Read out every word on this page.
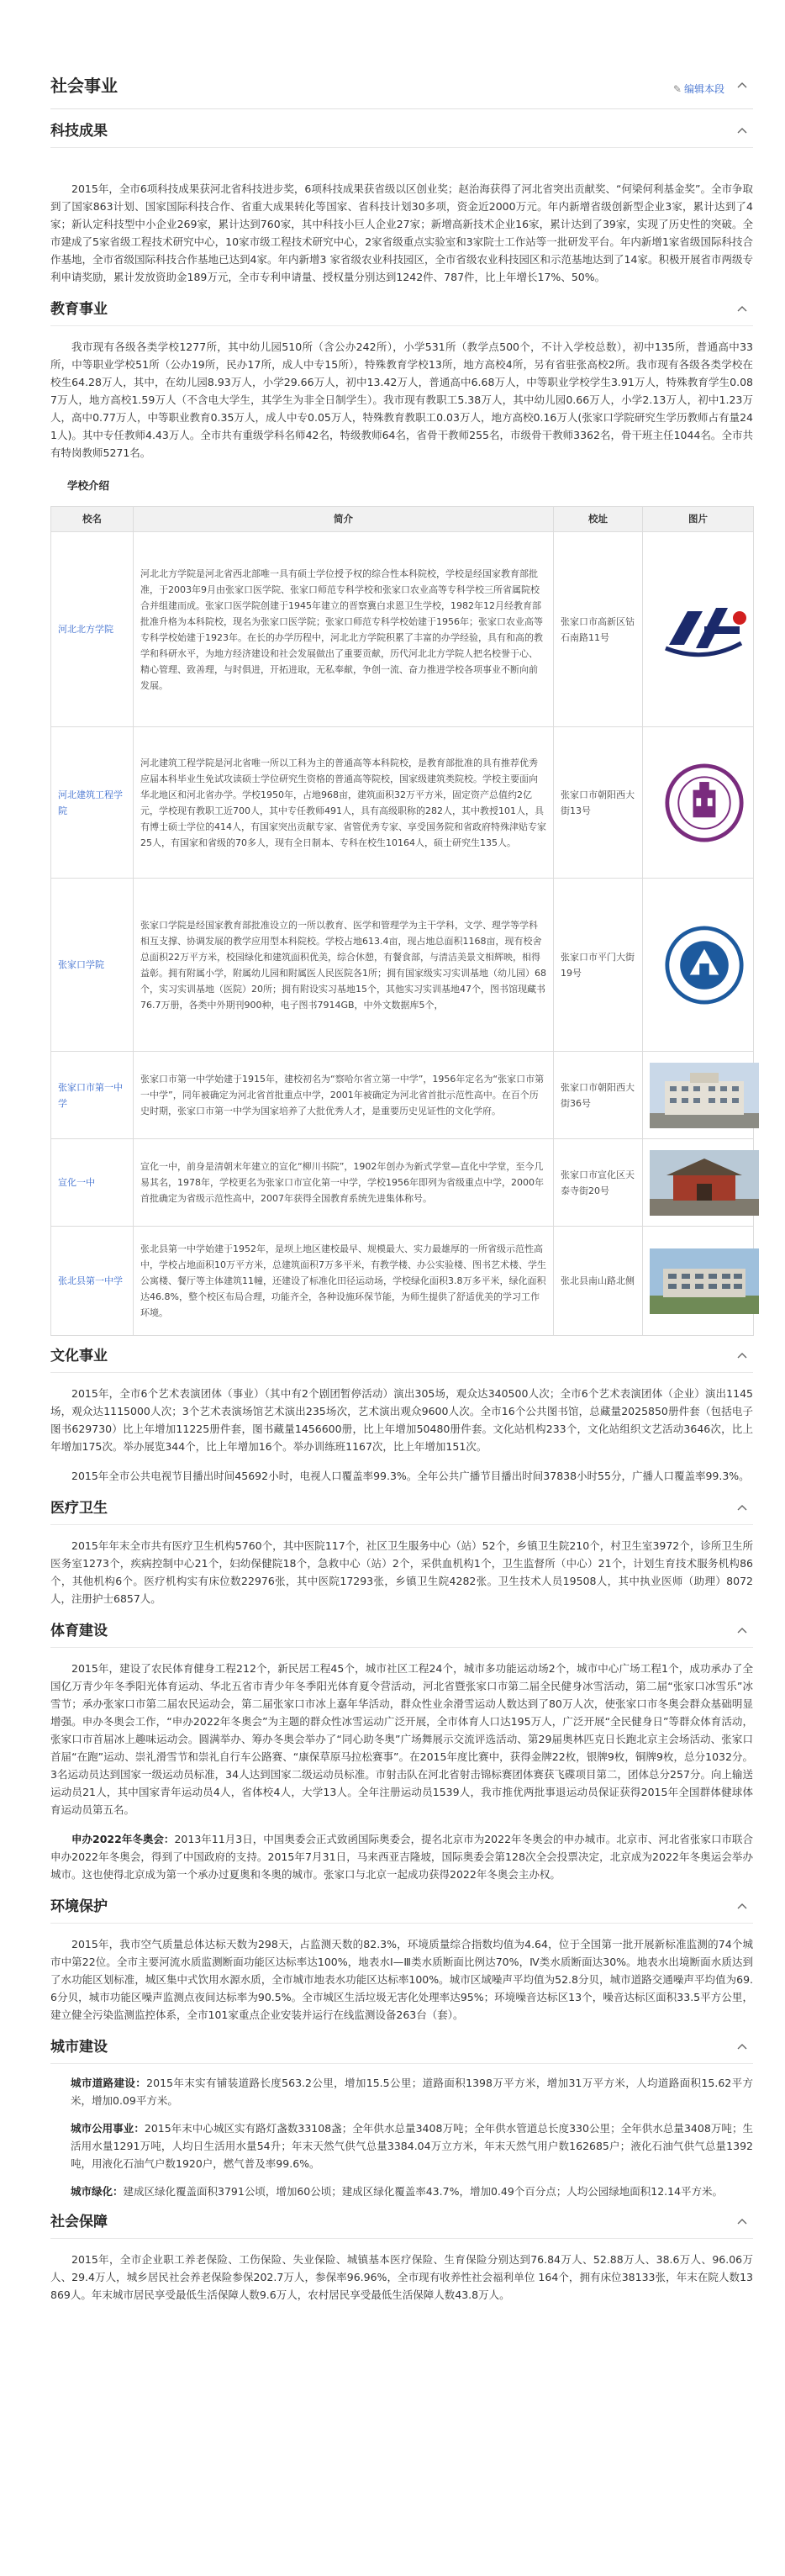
社会事业	✎ 编辑本段
科技成果

2015年，全市6项科技成果获河北省科技进步奖，6项科技成果获省级以区创业奖；赵治海获得了河北省突出贡献奖、“何梁何利基金奖”。全市争取到了国家863计划、国家国际科技合作、省重大成果转化等国家、省科技计划30多项，资金近2000万元。年内新增省级创新型企业3家，累计达到了4家；新认定科技型中小企业269家，累计达到760家，其中科技小巨人企业27家；新增高新技术企业16家，累计达到了39家，实现了历史性的突破。全市建成了5家省级工程技术研究中心，10家市级工程技术研究中心，2家省级重点实验室和3家院士工作站等一批研发平台。年内新增1家省级国际科技合作基地，全市省级国际科技合作基地已达到4家。年内新增3 家省级农业科技园区，全市省级农业科技园区和示范基地达到了14家。积极开展省市两级专利申请奖励，累计发放资助金189万元，全市专利申请量、授权量分别达到1242件、787件，比上年增长17%、50%。

教育事业

我市现有各级各类学校1277所，其中幼儿园510所（含公办242所），小学531所（教学点500个，不计入学校总数），初中135所，普通高中33所，中等职业学校51所（公办19所，民办17所，成人中专15所），特殊教育学校13所，地方高校4所，另有省驻张高校2所。我市现有各级各类学校在校生64.28万人，其中，在幼儿园8.93万人，小学29.66万人，初中13.42万人，普通高中6.68万人，中等职业学校学生3.91万人，特殊教育学生0.087万人，地方高校1.59万人（不含电大学生，其学生为非全日制学生）。我市现有教职工5.38万人，其中幼儿园0.66万人，小学2.13万人，初中1.23万人，高中0.77万人，中等职业教育0.35万人，成人中专0.05万人，特殊教育教职工0.03万人，地方高校0.16万人(张家口学院研究生学历教师占有量241人)。其中专任教师4.43万人。全市共有重级学科名师42名，特级教师64名，省骨干教师255名，市级骨干教师3362名，骨干班主任1044名。全市共有特岗教师5271名。

学校介绍
校名	简介	校址	图片
河北北方学院	河北北方学院是河北省西北部唯一具有硕士学位授予权的综合性本科院校，学校是经国家教育部批准，于2003年9月由张家口医学院、张家口师范专科学校和张家口农业高等专科学校三所省属院校合并组建而成。张家口医学院创建于1945年建立的晋察冀白求恩卫生学校，1982年12月经教育部批准升格为本科院校，现名为张家口医学院；张家口师范专科学校始建于1956年；张家口农业高等专科学校始建于1923年。在长的办学历程中，河北北方学院积累了丰富的办学经验，具有和高的教学和科研水平，为地方经济建设和社会发展做出了重要贡献，历代河北北方学院人把名校誉于心、精心管理、致善理，与时俱进，开拓进取，无私奉献，争创一流、奋力推进学校各项事业不断向前发展。	张家口市高新区钻石南路11号	

河北建筑工程学院	河北建筑工程学院是河北省唯一所以工科为主的普通高等本科院校，是教育部批准的具有推荐优秀应届本科毕业生免试攻读硕士学位研究生资格的普通高等院校，国家级建筑类院校。学校主要面向华北地区和河北省办学。学校1950年，占地968亩，建筑面积32万平方米，固定资产总值约2亿元，学校现有教职工近700人，其中专任教师491人，具有高级职称的282人，其中教授101人，具有博士硕士学位的414人，有国家突出贡献专家、省管优秀专家、享受国务院和省政府特殊津贴专家25人，有国家和省级的70多人，现有全日制本、专科在校生10164人，硕士研究生135人。	张家口市朝阳西大街13号	

张家口学院	张家口学院是经国家教育部批准设立的一所以教育、医学和管理学为主干学科，文学、理学等学科相互支撑、协调发展的教学应用型本科院校。学校占地613.4亩，现占地总面积1168亩，现有校舍总面积22万平方米，校园绿化和建筑面积优美，综合休憩，有餐食部，与清洁美景文相辉映，相得益彰。拥有附属小学，附属幼儿园和附属医人民医院各1所；拥有国家级实习实训基地（幼儿园）68个，实习实训基地（医院）20所；拥有附设实习基地15个，其他实习实训基地47个，图书馆现藏书76.7万册，各类中外期刊900种，电子图书7914GB，中外文数据库5个，	张家口市平门大街19号	

张家口市第一中学	张家口市第一中学始建于1915年，建校初名为“察哈尔省立第一中学”，1956年定名为“张家口市第一中学”，同年被确定为河北省首批重点中学，2001年被确定为河北省首批示范性高中。在百个历史时期，张家口市第一中学为国家培养了大批优秀人才，是重要历史见证性的文化学府。	张家口市朝阳西大街36号	

宣化一中	宣化一中，前身是清朝末年建立的宣化“柳川书院”，1902年创办为新式学堂—直化中学堂，至今几易其名，1978年，学校更名为张家口市宣化第一中学，学校1956年即列为省级重点中学，2000年首批确定为省级示范性高中，2007年获得全国教育系统先进集体称号。	张家口市宣化区天泰寺街20号	

张北县第一中学	张北县第一中学始建于1952年，是坝上地区建校最早、规模最大、实力最雄厚的一所省级示范性高中，学校占地面积10万平方米，总建筑面积7万多平米，有教学楼、办公实验楼、图书艺术楼、学生公寓楼、餐厅等主体建筑11幢，还建设了标准化田径运动场，学校绿化面积3.8万多平米，绿化面积达46.8%，整个校区布局合理，功能齐全，各种设施环保节能，为师生提供了舒适优美的学习工作环境。	张北县南山路北侧	
文化事业

2015年，全市6个艺术表演团体（事业）（其中有2个剧团暂停活动）演出305场，观众达340500人次；全市6个艺术表演团体（企业）演出1145场，观众达1115000人次；3个艺术表演场馆艺术演出235场次，艺术演出观众9600人次。全市16个公共图书馆，总藏量2025850册件套（包括电子图书629730）比上年增加11225册件套，图书藏量1456600册，比上年增加50480册件套。文化站机构233个，文化站组织文艺活动3646次，比上年增加175次。举办展览344个，比上年增加16个。举办训练班1167次，比上年增加151次。

2015年全市公共电视节目播出时间45692小时，电视人口覆盖率99.3%。全年公共广播节目播出时间37838小时55分，广播人口覆盖率99.3%。

医疗卫生

2015年年末全市共有医疗卫生机构5760个，其中医院117个，社区卫生服务中心（站）52个，乡镇卫生院210个，村卫生室3972个，诊所卫生所医务室1273个，疾病控制中心21个，妇幼保健院18个，急救中心（站）2个，采供血机构1个，卫生监督所（中心）21个，计划生育技术服务机构86个，其他机构6个。医疗机构实有床位数22976张，其中医院17293张，乡镇卫生院4282张。卫生技术人员19508人，其中执业医师（助理）8072人，注册护士6857人。

体育建设

2015年，建设了农民体育健身工程212个，新民居工程45个，城市社区工程24个，城市多功能运动场2个，城市中心广场工程1个，成功承办了全国亿万青少年冬季阳光体育运动、华北五省市青少年冬季阳光体育夏令营活动，河北省暨张家口市第二届全民健身冰雪活动，第二届“张家口冰雪乐”冰雪节；承办张家口市第二届农民运动会，第二届张家口市冰上嘉年华活动，群众性业余滑雪运动人数达到了80万人次，使张家口市冬奥会群众基础明显增强。申办冬奥会工作，“申办2022年冬奥会”为主题的群众性冰雪运动广泛开展，全市体育人口达195万人，广泛开展“全民健身日”等群众体育活动，张家口市首届冰上趣味运动会。圆满举办、筹办冬奥会举办了“同心助冬奥”广场舞展示交流评选活动、第29届奥林匹克日长跑北京主会场活动、张家口首届“在跑”运动、崇礼滑雪节和崇礼自行车公路赛、“康保草原马拉松赛事”。在2015年度比赛中，获得金牌22枚，银牌9枚，铜牌9枚，总分1032分。3名运动员达到国家一级运动员标准，34人达到国家二级运动员标准。市射击队在河北省射击锦标赛团体赛获飞碟项目第二，团体总分257分。向上输送运动员21人，其中国家青年运动员4人，省体校4人，大学13人。全年注册运动员1539人，我市推优两批事退运动员保证获得2015年全国群体健球体育运动员第五名。

申办2022年冬奥会：2013年11月3日，中国奥委会正式致函国际奥委会，提名北京市为2022年冬奥会的申办城市。北京市、河北省张家口市联合申办2022年冬奥会，得到了中国政府的支持。2015年7月31日，马来西亚吉隆坡，国际奥委会第128次全会投票决定，北京成为2022年冬奥运会举办城市。这也使得北京成为第一个承办过夏奥和冬奥的城市。张家口与北京一起成功获得2022年冬奥会主办权。

环境保护

2015年，我市空气质量总体达标天数为298天，占监测天数的82.3%，环境质量综合指数均值为4.64，位于全国第一批开展新标准监测的74个城市中第22位。全市主要河流水质监测断面功能区达标率达100%，地表水Ⅰ—Ⅲ类水质断面比例达70%，Ⅳ类水质断面达30%。地表水出境断面水质达到了水功能区划标准，城区集中式饮用水源水质，全市城市地表水功能区达标率100%。城市区域噪声平均值为52.8分贝，城市道路交通噪声平均值为69.6分贝，城市功能区噪声监测点夜间达标率为90.5%。全市城区生活垃圾无害化处理率达95%；环境噪音达标区13个，噪音达标区面积33.5平方公里，建立健全污染监测监控体系，全市101家重点企业安装并运行在线监测设备263台（套）。

城市建设

城市道路建设：2015年末实有铺装道路长度563.2公里，增加15.5公里；道路面积1398万平方米，增加31万平方米，人均道路面积15.62平方米，增加0.09平方米。

城市公用事业：2015年末中心城区实有路灯盏数33108盏；全年供水总量3408万吨；全年供水管道总长度330公里；全年供水总量3408万吨；生活用水量1291万吨，人均日生活用水量54升；年末天然气供气总量3384.04万立方米，年末天然气用户数162685户；液化石油气供气总量1392吨，用液化石油气户数1920户，燃气普及率99.6%。

城市绿化：建成区绿化覆盖面积3791公顷，增加60公顷；建成区绿化覆盖率43.7%，增加0.49个百分点；人均公园绿地面积12.14平方米。

社会保障

2015年，全市企业职工养老保险、工伤保险、失业保险、城镇基本医疗保险、生育保险分别达到76.84万人、52.88万人、38.6万人、96.06万人、29.4万人，城乡居民社会养老保险参保202.7万人，参保率96.96%，全市现有收养性社会福利单位 164个，拥有床位38133张，年末在院人数13869人。年末城市居民享受最低生活保障人数9.6万人，农村居民享受最低生活保障人数43.8万人。
